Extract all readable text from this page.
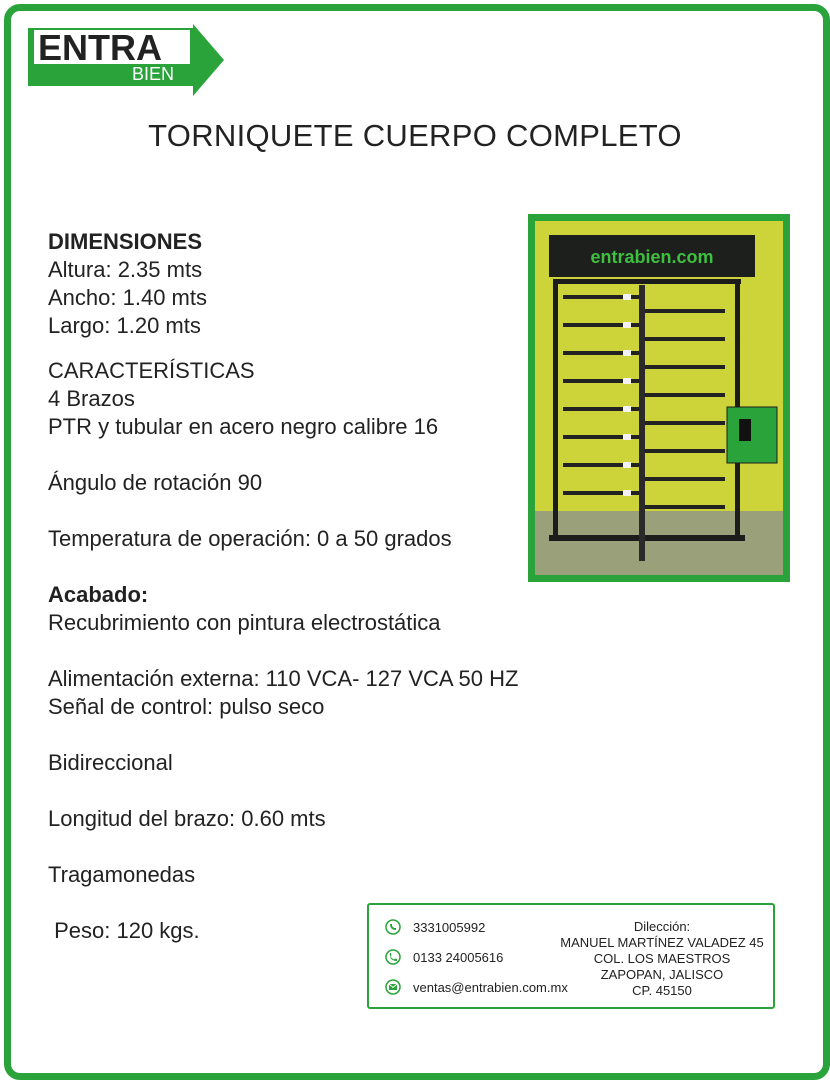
ENTRA
BIEN
TORNIQUETE CUERPO COMPLETO
DIMENSIONES
Altura: 2.35 mts
Ancho: 1.40 mts
Largo: 1.20 mts
CARACTERÍSTICAS
4 Brazos
PTR y tubular en acero negro calibre 16
Ángulo de rotación 90
Temperatura de operación: 0 a 50 grados
Acabado:
Recubrimiento con pintura electrostática
Alimentación externa: 110 VCA- 127 VCA 50 HZ
Señal de control: pulso seco
Bidireccional
Longitud del brazo: 0.60 mts
Tragamonedas
Peso: 120 kgs.
entrabien.com
3331005992
0133 24005616
ventas@entrabien.com.mx
Dilección:
MANUEL MARTÍNEZ VALADEZ 45
COL. LOS MAESTROS
ZAPOPAN, JALISCO
CP. 45150
